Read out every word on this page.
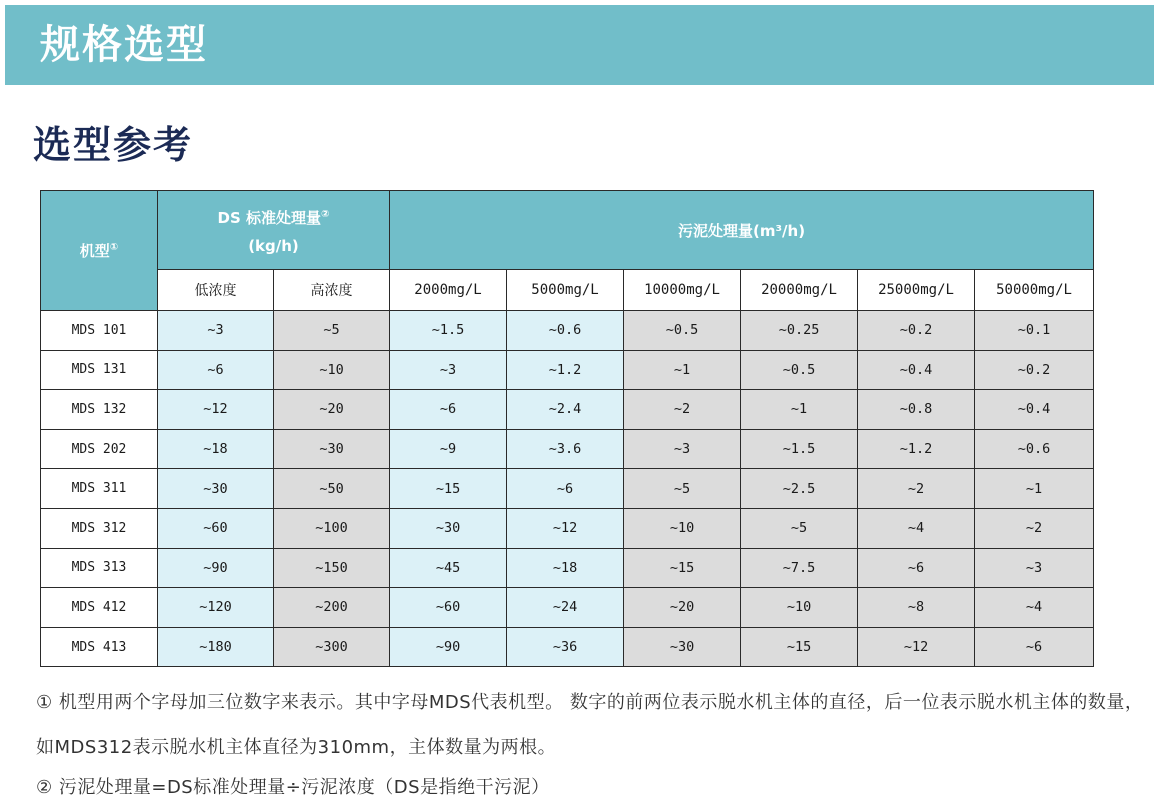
规格选型
选型参考
机型①	DS 标准处理量②
(kg/h)		污泥处理量(m³/h)					
	低浓度	高浓度	2000mg/L	5000mg/L	10000mg/L	20000mg/L	25000mg/L	50000mg/L
MDS 101	~3	~5	~1.5	~0.6	~0.5	~0.25	~0.2	~0.1
MDS 131	~6	~10	~3	~1.2	~1	~0.5	~0.4	~0.2
MDS 132	~12	~20	~6	~2.4	~2	~1	~0.8	~0.4
MDS 202	~18	~30	~9	~3.6	~3	~1.5	~1.2	~0.6
MDS 311	~30	~50	~15	~6	~5	~2.5	~2	~1
MDS 312	~60	~100	~30	~12	~10	~5	~4	~2
MDS 313	~90	~150	~45	~18	~15	~7.5	~6	~3
MDS 412	~120	~200	~60	~24	~20	~10	~8	~4
MDS 413	~180	~300	~90	~36	~30	~15	~12	~6

① 机型用两个字母加三位数字来表示。其中字母MDS代表机型。 数字的前两位表示脱水机主体的直径，后一位表示脱水机主体的数量，如MDS312表示脱水机主体直径为310mm，主体数量为两根。

② 污泥处理量=DS标准处理量÷污泥浓度（DS是指绝干污泥）
